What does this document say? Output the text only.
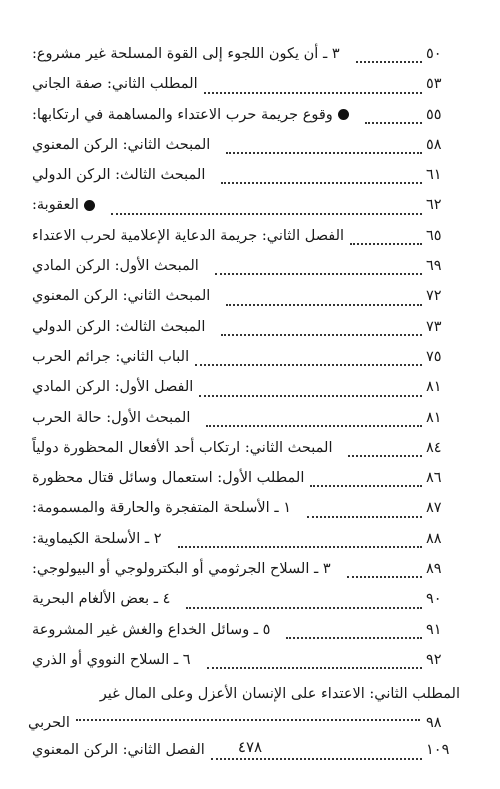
٣ ـ أن يكون اللجوء إلى القوة المسلحة غير مشروع:	٥٠
المطلب الثاني: صفة الجاني	٥٣
وقوع جريمة حرب الاعتداء والمساهمة في ارتكابها:	٥٥
المبحث الثاني: الركن المعنوي	٥٨
المبحث الثالث: الركن الدولي	٦١
العقوبة:	٦٢
الفصل الثاني: جريمة الدعاية الإعلامية لحرب الاعتداء	٦٥
المبحث الأول: الركن المادي	٦٩
المبحث الثاني: الركن المعنوي	٧٢
المبحث الثالث: الركن الدولي	٧٣
الباب الثاني: جرائم الحرب	٧٥
الفصل الأول: الركن المادي	٨١
المبحث الأول: حالة الحرب	٨١
المبحث الثاني: ارتكاب أحد الأفعال المحظورة دولياً	٨٤
المطلب الأول: استعمال وسائل قتال محظورة	٨٦
١ ـ الأسلحة المتفجرة والحارقة والمسمومة:	٨٧
٢ ـ الأسلحة الكيماوية:	٨٨
٣ ـ السلاح الجرثومي أو البكترولوجي أو البيولوجي:	٨٩
٤ ـ بعض الألغام البحرية	٩٠
٥ ـ وسائل الخداع والغش غير المشروعة	٩١
٦ ـ السلاح النووي أو الذري	٩٢
المطلب الثاني: الاعتداء على الإنسان الأعزل وعلى المال غير
الحربي	٩٨
الفصل الثاني: الركن المعنوي	١٠٩
٤٧٨
